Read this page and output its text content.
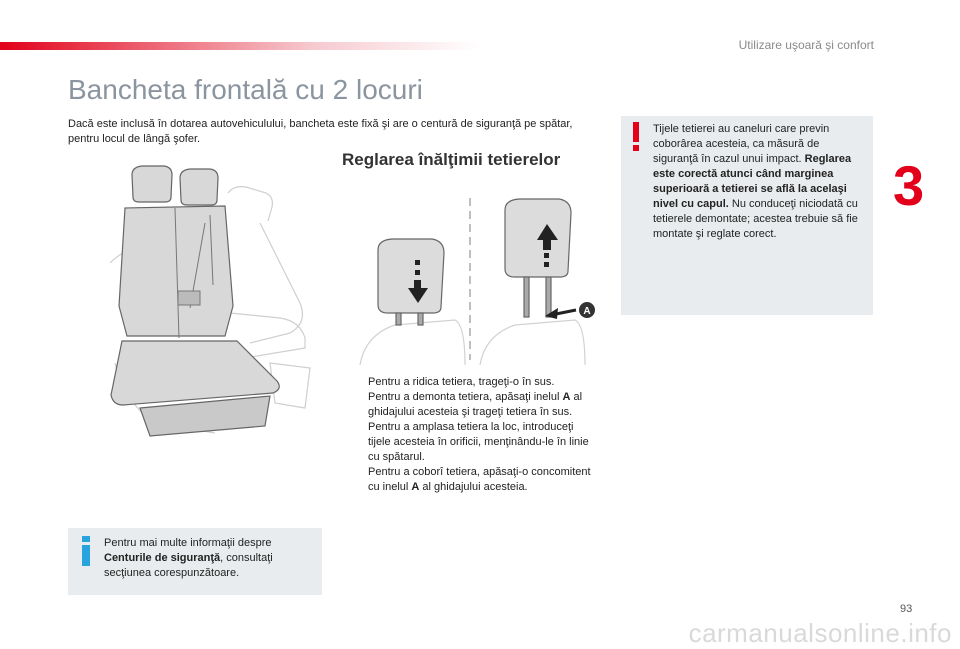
Utilizare uşoară şi confort
Bancheta frontală cu 2 locuri

Dacă este inclusă în dotarea autovehiculului, bancheta este fixă şi are o centură de siguranţă pe spătar, pentru locul de lângă şofer.

Reglarea înălţimii tetierelor
A
Pentru a ridica tetiera, trageţi-o în sus.
Pentru a demonta tetiera, apăsaţi inelul A al ghidajului acesteia şi trageţi tetiera în sus.
Pentru a amplasa tetiera la loc, introduceţi tijele acesteia în orificii, menţinându-le în linie cu spătarul.
Pentru a coborî tetiera, apăsaţi-o concomitent cu inelul A al ghidajului acesteia.
Pentru mai multe informaţii despre Centurile de siguranţă, consultaţi secţiunea corespunzătoare.
Tijele tetierei au caneluri care previn coborârea acesteia, ca măsură de siguranţă în cazul unui impact. Reglarea este corectă atunci când marginea superioară a tetierei se află la acelaşi nivel cu capul. Nu conduceţi niciodată cu tetierele demontate; acestea trebuie să fie montate şi reglate corect.
3
93
carmanualsonline.info
